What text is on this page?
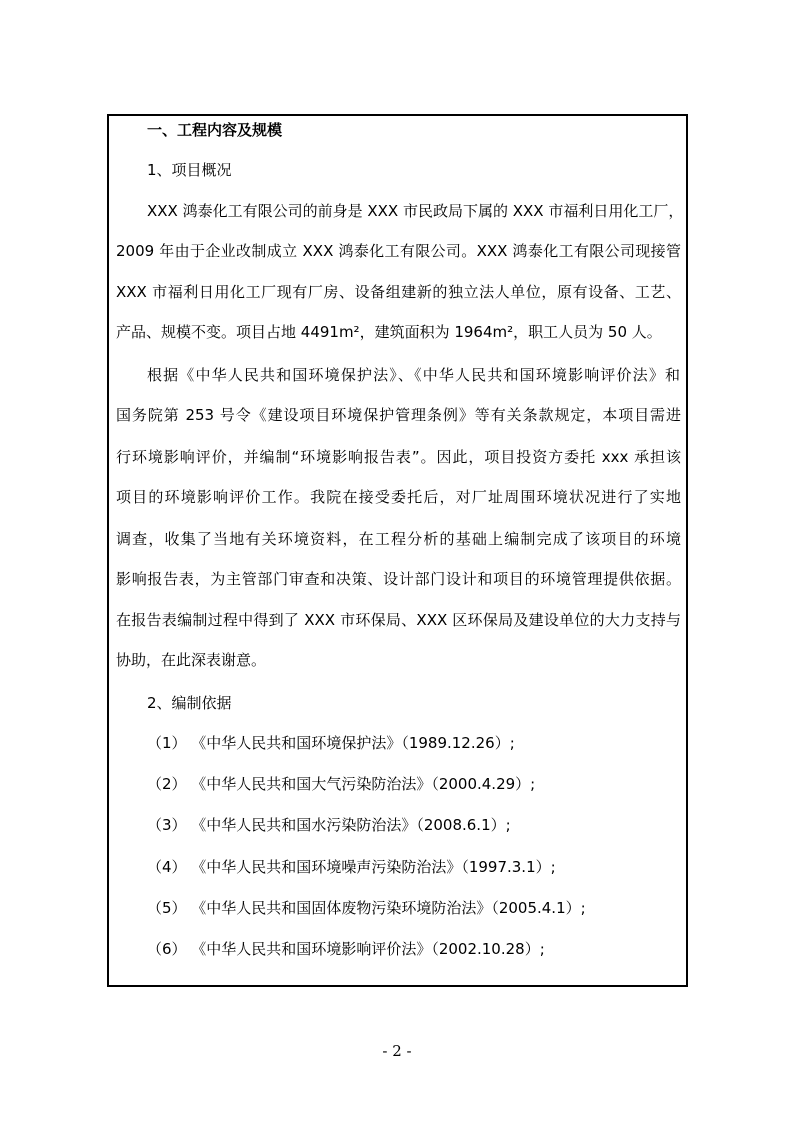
一、工程内容及规模
1、项目概况
XXX 鸿泰化工有限公司的前身是 XXX 市民政局下属的 XXX 市福利日用化工厂，
2009 年由于企业改制成立 XXX 鸿泰化工有限公司。XXX 鸿泰化工有限公司现接管
XXX 市福利日用化工厂现有厂房、设备组建新的独立法人单位，原有设备、工艺、
产品、规模不变。项目占地 4491m²，建筑面积为 1964m²，职工人员为 50 人。
根据《中华人民共和国环境保护法》、《中华人民共和国环境影响评价法》和
国务院第 253 号令《建设项目环境保护管理条例》等有关条款规定，本项目需进
行环境影响评价，并编制“环境影响报告表”。因此，项目投资方委托 xxx 承担该
项目的环境影响评价工作。我院在接受委托后，对厂址周围环境状况进行了实地
调查，收集了当地有关环境资料，在工程分析的基础上编制完成了该项目的环境
影响报告表，为主管部门审查和决策、设计部门设计和项目的环境管理提供依据。
在报告表编制过程中得到了 XXX 市环保局、XXX 区环保局及建设单位的大力支持与
协助，在此深表谢意。
2、编制依据
（1） 《中华人民共和国环境保护法》（1989.12.26）;
（2） 《中华人民共和国大气污染防治法》（2000.4.29）;
（3） 《中华人民共和国水污染防治法》（2008.6.1）;
（4） 《中华人民共和国环境噪声污染防治法》（1997.3.1）;
（5） 《中华人民共和国固体废物污染环境防治法》（2005.4.1）;
（6） 《中华人民共和国环境影响评价法》（2002.10.28）;
- 2 -
